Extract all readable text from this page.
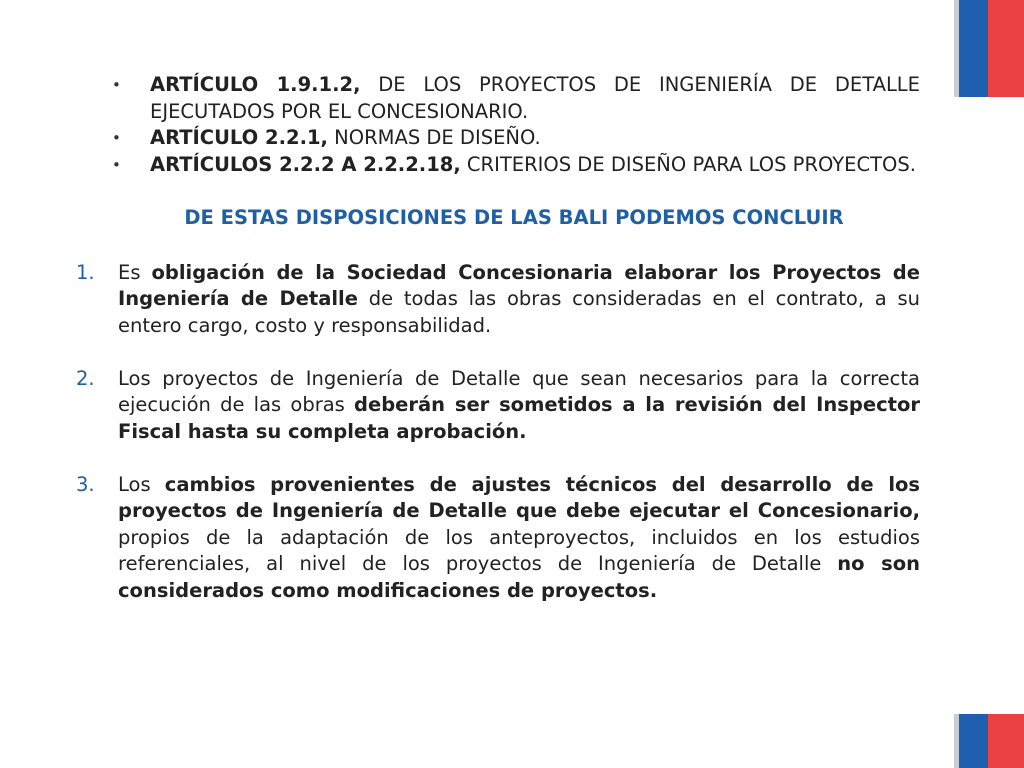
• ARTÍCULO 1.9.1.2, DE LOS PROYECTOS DE INGENIERÍA DE DETALLE EJECUTADOS POR EL CONCESIONARIO.
• ARTÍCULO 2.2.1, NORMAS DE DISEÑO.
• ARTÍCULOS 2.2.2 A 2.2.2.18, CRITERIOS DE DISEÑO PARA LOS PROYECTOS.
DE ESTAS DISPOSICIONES DE LAS BALI PODEMOS CONCLUIR
1. Es obligación de la Sociedad Concesionaria elaborar los Proyectos de Ingeniería de Detalle de todas las obras consideradas en el contrato, a su entero cargo, costo y responsabilidad.
2. Los proyectos de Ingeniería de Detalle que sean necesarios para la correcta ejecución de las obras deberán ser sometidos a la revisión del Inspector Fiscal hasta su completa aprobación.
3. Los cambios provenientes de ajustes técnicos del desarrollo de los proyectos de Ingeniería de Detalle que debe ejecutar el Concesionario, propios de la adaptación de los anteproyectos, incluidos en los estudios referenciales, al nivel de los proyectos de Ingeniería de Detalle no son considerados como modificaciones de proyectos.
